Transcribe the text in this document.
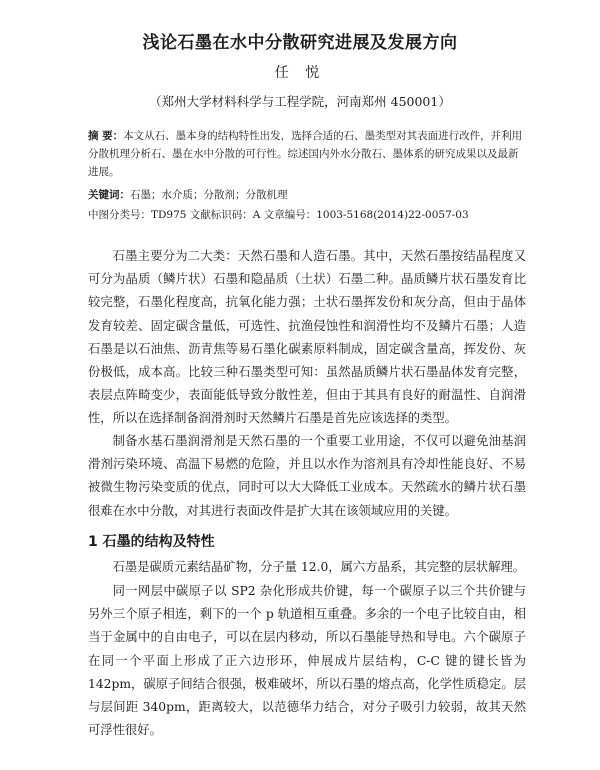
浅论石墨在水中分散研究进展及发展方向
任 悦
（郑州大学材料科学与工程学院，河南郑州 450001）
摘 要：本文从石、墨本身的结构特性出发，选择合适的石、墨类型对其表面进行改件，并利用分散机理分析石、墨在水中分散的可行性。综述国内外水分散石、墨体系的研究成果以及最新进展。
关键词：石墨；水介质；分散剂；分散机理
中图分类号：TD975 文献标识码：A 文章编号：1003-5168(2014)22-0057-03
石墨主要分为二大类：天然石墨和人造石墨。其中，天然石墨按结晶程度又可分为晶质（鳞片状）石墨和隐晶质（土状）石墨二种。晶质鳞片状石墨发育比较完整，石墨化程度高，抗氧化能力强；土状石墨挥发份和灰分高，但由于晶体发育较差、固定碳含量低，可选性、抗渔侵蚀性和润滑性均不及鳞片石墨；人造石墨是以石油焦、沥青焦等易石墨化碳素原料制成，固定碳含量高，挥发份、灰份极低，成本高。比较三种石墨类型可知：虽然晶质鳞片状石墨晶体发育完整，表层点阵畸变少，表面能低导致分散性差，但由于其具有良好的耐温性、自润滑性，所以在选择制备润滑剂时天然鳞片石墨是首先应该选择的类型。
制备水基石墨润滑剂是天然石墨的一个重要工业用途，不仅可以避免油基润滑剂污染环境、高温下易燃的危险，并且以水作为溶剂具有冷却性能良好、不易被微生物污染变质的优点，同时可以大大降低工业成本。天然疏水的鳞片状石墨很难在水中分散，对其进行表面改件是扩大其在该领域应用的关键。
1 石墨的结构及特性
石墨是碳质元素结晶矿物，分子量 12.0，属六方晶系，其完整的层状解理。
同一网层中碳原子以 SP2 杂化形成共价键，每一个碳原子以三个共价键与另外三个原子相连，剩下的一个 p 轨道相互重叠。多余的一个电子比较自由，相当于金属中的自由电子，可以在层内移动，所以石墨能导热和导电。六个碳原子在同一个平面上形成了正六边形环，伸展成片层结构，C-C 键的键长皆为 142pm，碳原子间结合很强，极难破坏，所以石墨的熔点高，化学性质稳定。层与层间距 340pm，距离较大，以范德华力结合，对分子吸引力较弱，故其天然可浮性很好。
